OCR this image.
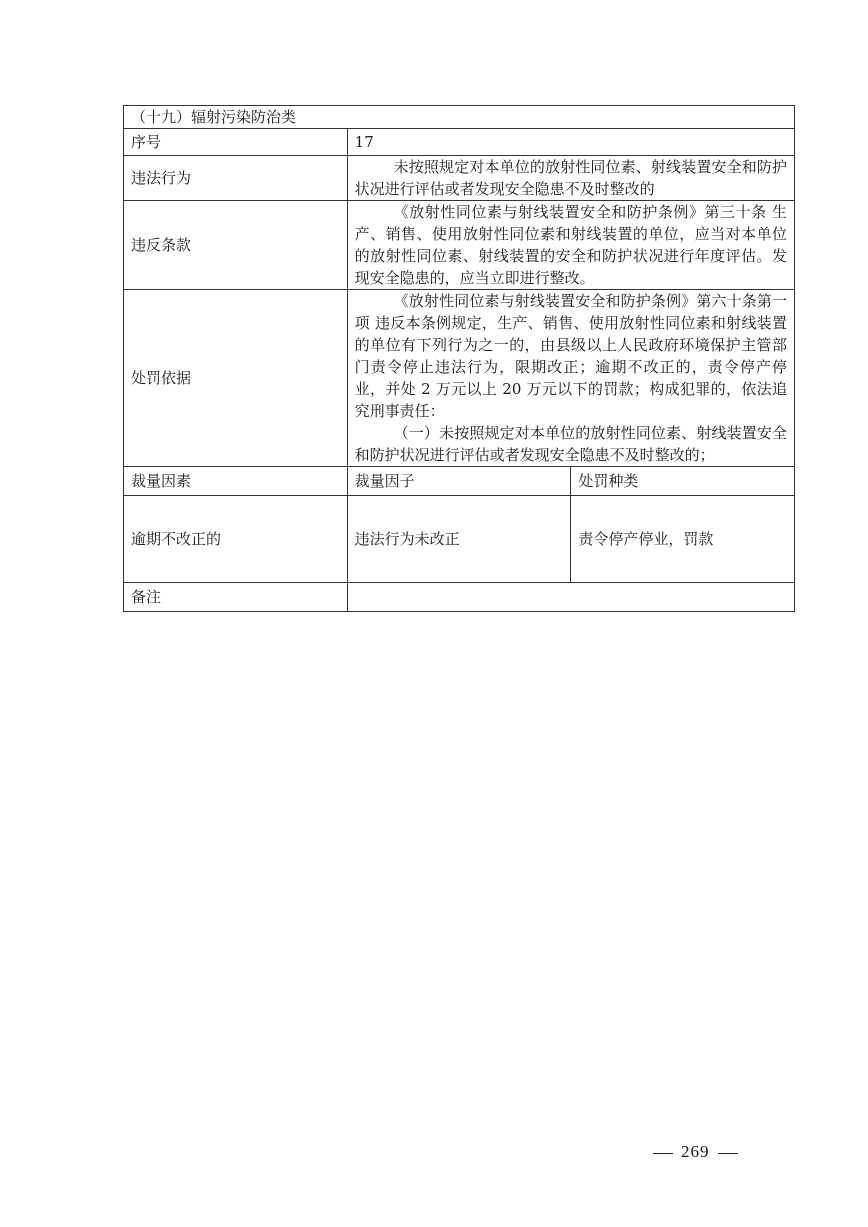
（十九）辐射污染防治类		
序号	17	
违法行为	未按照规定对本单位的放射性同位素、射线装置安全和防护状况进行评估或者发现安全隐患不及时整改的	
违反条款	《放射性同位素与射线装置安全和防护条例》第三十条 生产、销售、使用放射性同位素和射线装置的单位，应当对本单位的放射性同位素、射线装置的安全和防护状况进行年度评估。发现安全隐患的，应当立即进行整改。	
处罚依据	《放射性同位素与射线装置安全和防护条例》第六十条第一项 违反本条例规定，生产、销售、使用放射性同位素和射线装置的单位有下列行为之一的，由县级以上人民政府环境保护主管部门责令停止违法行为，限期改正；逾期不改正的，责令停产停业，并处 2 万元以上 20 万元以下的罚款；构成犯罪的，依法追究刑事责任：

（一）未按照规定对本单位的放射性同位素、射线装置安全和防护状况进行评估或者发现安全隐患不及时整改的；	

裁量因素	裁量因子	处罚种类
逾期不改正的	违法行为未改正	责令停产停业，罚款
备注		
269
